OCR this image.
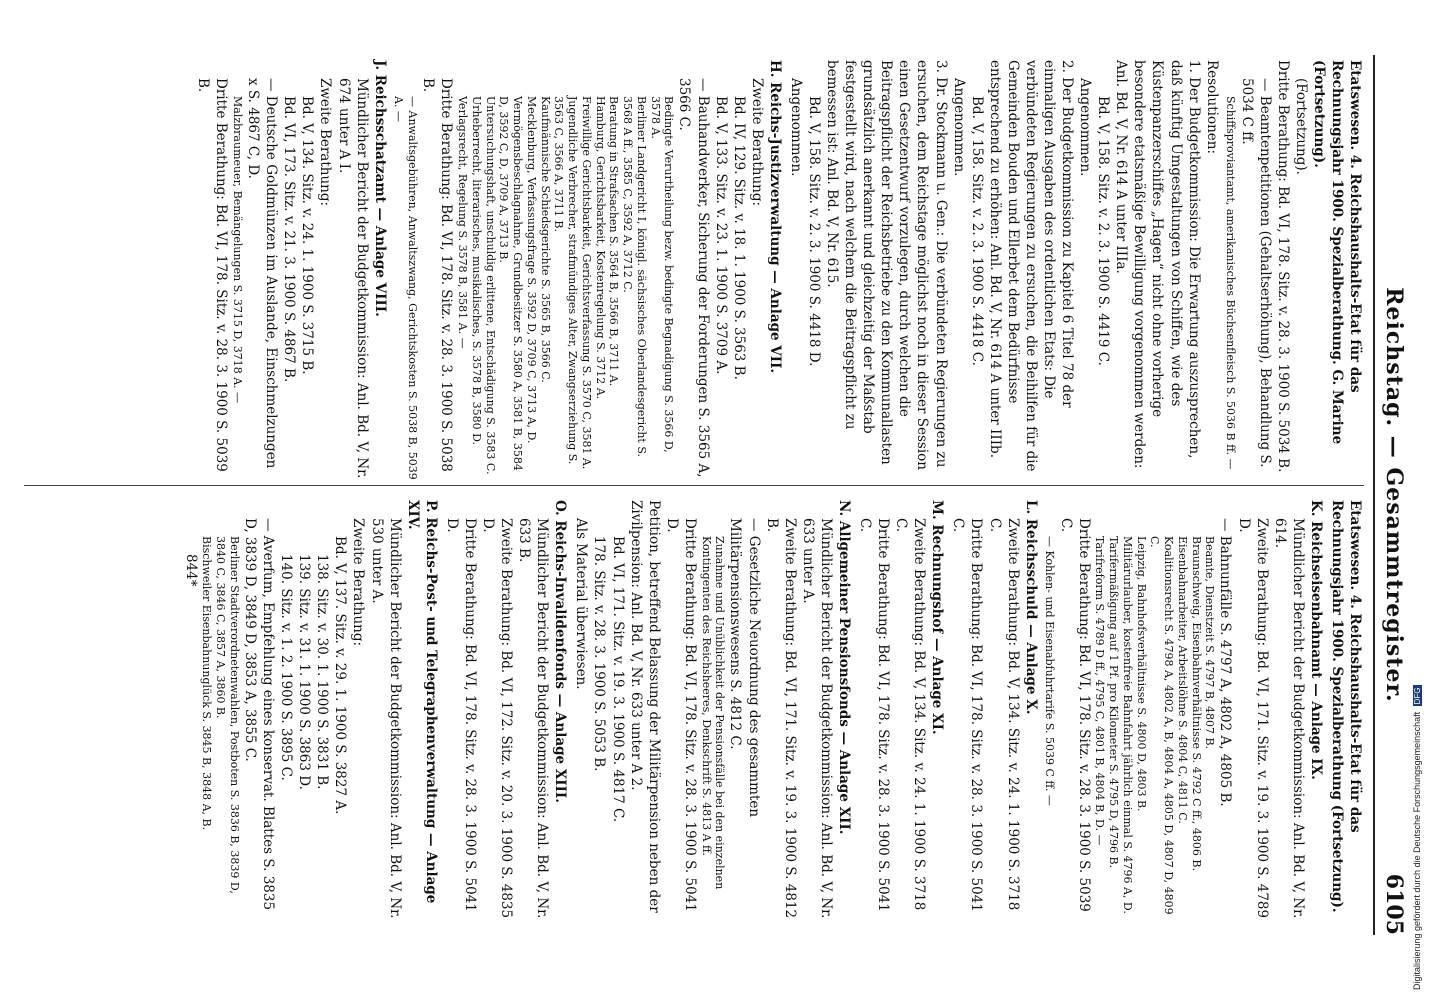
Reichstag. — Gesammtregister.
6105

Etatswesen. 4. Reichshaushalts-Etat für das Rechnungsjahr 1900. Spezialberathung. G. Marine (Fortsetzung).

(Fortsetzung).

Dritte Berathung: Bd. VI, 178. Sitz. v. 28. 3. 1900 S. 5034 B.

— Beamtenpetitionen (Gehaltserhöhung), Behandlung S. 5034 C ff.

Schiffsproviantamt, amerikanisches Büchsenfleisch S. 5036 B ff. —

Resolutionen:

1. Der Budgetkommission: Die Erwartung auszusprechen, daß künftig Umgestaltungen von Schiffen, wie des Küstenpanzerschiffes „Hagen“ nicht ohne vorherige besondere etatsmäßige Bewilligung vorgenommen werden: Anl. Bd. V, Nr. 614 A unter IIIa.

Bd. V, 158. Sitz. v. 2. 3. 1900 S. 4419 C.

Angenommen.

2. Der Budgetkommission zu Kapitel 6 Titel 78 der einmaligen Ausgaben des ordentlichen Etats: Die verbündeten Regierungen zu ersuchen, die Beihilfen für die Gemeinden Bouden und Ellerbet dem Bedürfnisse entsprechend zu erhöhen: Anl. Bd. V, Nr. 614 A unter IIIb.

Bd. V, 158. Sitz. v. 2. 3. 1900 S. 4418 C.

Angenommen.

3. Dr. Stockmann u. Gen.: Die verbündeten Regierungen zu ersuchen, dem Reichstage möglichst noch in dieser Session einen Gesetzentwurf vorzulegen, durch welchen die Beitragspflicht der Reichsbetriebe zu den Kommunallasten grundsätzlich anerkannt und gleichzeitig der Maßstab festgestellt wird, nach welchem die Beitragspflicht zu bemessen ist: Anl. Bd. V, Nr. 615.

Bd. V, 158. Sitz. v. 2. 3. 1900 S. 4418 D.

Angenommen.

H. Reichs-Justizverwaltung — Anlage VII.

Zweite Berathung:

Bd. IV, 129. Sitz. v. 18. 1. 1900 S. 3563 B.

Bd. V, 133. Sitz. v. 23. 1. 1900 S. 3709 A.

— Bauhandwerker, Sicherung der Forderungen S. 3565 A, 3566 C.

Bedingte Verurtheilung bezw. bedingte Begnadigung S. 3566 D, 3578 A.

Berliner Landgericht I, königl. sächsisches Oberlandesgericht S. 3568 A ff., 3585 C, 3592 A, 3712 C.

Beratung in Strafsachen S. 3564 B, 3566 B, 3711 A.

Hamburg, Gerichtsbarkeit, Kostenregelung S. 3712 A.

Freiwillige Gerichtsbarkeit, Gerichtsverfassung S. 3570 C, 3581 A.

Jugendliche Verbrecher, strafmündiges Alter, Zwangserziehung S. 3563 C, 3566 A, 3711 B.

Kaufmännische Schiedsgerichte S. 3565 B, 3566 C.

Mecklenburg, Verfassungsfrage S. 3592 D, 3709 C, 3713 A, D.

Vermögensbeschlagnahme, Grundbesitzer S. 3580 A, 3581 B, 3584 D, 3592 C, D, 3709 A, 3713 B.

Untersuchungshaft, unschuldig erlittene, Entschädigung S. 3583 C.

Urheberrecht, literarisches, musikalisches, S. 3578 B, 3580 D.

Verlagsrecht, Regelung S. 3578 B, 3581 A. —

Dritte Berathung: Bd. VI, 178. Sitz. v. 28. 3. 1900 S. 5038 B.

— Anwaltsgebühren, Anwaltszwang, Gerichtskosten S. 5038 B, 5039 A. —

J. Reichsschatzamt — Anlage VIII.

Mündlicher Bericht der Budgetkommission: Anl. Bd. V, Nr. 674 unter A I.

Zweite Berathung:

Bd. V, 134. Sitz. v. 24. 1. 1900 S. 3715 B.

Bd. VI, 173. Sitz. v. 21. 3. 1900 S. 4867 B.

— Deutsche Goldmünzen im Auslande, Einschmelzungen x S. 4867 C, D.

Malzbraumeuer, Bemängelungen S. 3715 D, 3718 A. —

Dritte Berathung: Bd. VI, 178. Sitz. v. 28. 3. 1900 S. 5039 B.

Etatswesen. 4. Reichshaushalts-Etat für das Rechnungsjahr 1900. Spezialberathung (Fortsetzung).

K. Reichseisenbahnamt — Anlage IX.

Mündlicher Bericht der Budgetkommission: Anl. Bd. V, Nr. 614.

Zweite Berathung: Bd. VI, 171. Sitz. v. 19. 3. 1900 S. 4789 D.

— Bahnunfälle S. 4797 A, 4802 A, 4805 B.

Beamte, Dienstzeit S. 4797 B, 4807 B.

Braunschweig, Eisenbahnverhältnisse S. 4792 C ff., 4806 B.

Eisenbahnarbeiter, Arbeitslöhne S. 4804 C, 4811 C.

Koalitionsrecht S. 4798 A, 4802 A, B, 4804 A, 4805 D, 4807 D, 4809 C.

Leipzig, Bahnhofsverhältnisse S. 4800 D, 4803 B.

Militärurlauber, kostenfreie Bahnfahrt jährlich einmal S. 4796 A, D.

Tarifermäßigung auf 1 Pf. pro Kilometer S. 4795 D, 4796 B.

Tarifreform S. 4789 D ff., 4795 C, 4801 B, 4804 B, D. —

Dritte Berathung: Bd. VI, 178. Sitz. v. 28. 3. 1900 S. 5039 C.

— Kohlen- und Eisenabfuhrtarife S. 5039 C ff. —

L. Reichsschuld — Anlage X.

Zweite Berathung: Bd. V, 134. Sitz. v. 24. 1. 1900 S. 3718 C.

Dritte Berathung: Bd. VI, 178. Sitz. v. 28. 3. 1900 S. 5041 C.

M. Rechnungshof — Anlage XI.

Zweite Berathung: Bd. V, 134. Sitz. v. 24. 1. 1900 S. 3718 C.

Dritte Berathung: Bd. VI, 178. Sitz. v. 28. 3. 1900 S. 5041 C.

N. Allgemeiner Pensionsfonds — Anlage XII.

Mündlicher Bericht der Budgetkommission: Anl. Bd. V, Nr. 633 unter A.

Zweite Berathung: Bd. VI, 171. Sitz. v. 19. 3. 1900 S. 4812 B.

— Gesetzliche Neuordnung des gesammten Militärpensionswesens S. 4812 C.

Zunahme und Unüblichkeit der Pensionsfälle bei den einzelnen Kontingenten des Reichsheeres, Denkschrift S. 4813 A ff.

Dritte Berathung: Bd. VI, 178. Sitz. v. 28. 3. 1900 S. 5041 D.

Petition, betreffend Belassung der Militärpension neben der Zivilpension: Anl. Bd. V, Nr. 633 unter A 2.

Bd. VI, 171. Sitz. v. 19. 3. 1900 S. 4817 C.

178. Sitz. v. 28. 3. 1900 S. 5053 B.

Als Material überwiesen.

O. Reichs-Invalidenfonds — Anlage XIII.

Mündlicher Bericht der Budgetkommission: Anl. Bd. V, Nr. 633 B.

Zweite Berathung: Bd. VI, 172. Sitz. v. 20. 3. 1900 S. 4835 D.

Dritte Berathung: Bd. VI, 178. Sitz. v. 28. 3. 1900 S. 5041 D.

P. Reichs-Post- und Telegraphenverwaltung — Anlage XIV.

Mündlicher Bericht der Budgetkommission: Anl. Bd. V, Nr. 530 unter A.

Zweite Berathung:

Bd. V, 137. Sitz. v. 29. 1. 1900 S. 3827 A.

138. Sitz. v. 30. 1. 1900 S. 3831 B.

139. Sitz. v. 31. 1. 1900 S. 3863 D.

140. Sitz. v. 1. 2. 1900 S. 3895 C.

— Averfum, Empfehlung eines konservat. Blattes S. 3835 D, 3839 D, 3849 D, 3853 A, 3855 C.

Berliner Stadtverordnetenwahlen, Postboten S. 3836 B, 3839 D, 3840 C, 3846 C, 3857 A, 3860 B.

Bischweiler Eisenbahnunglück S. 3845 B, 3848 A, B.

844*

Digitalisierung gefördert durch die Deutsche Forschungsgemeinschaft DFG
